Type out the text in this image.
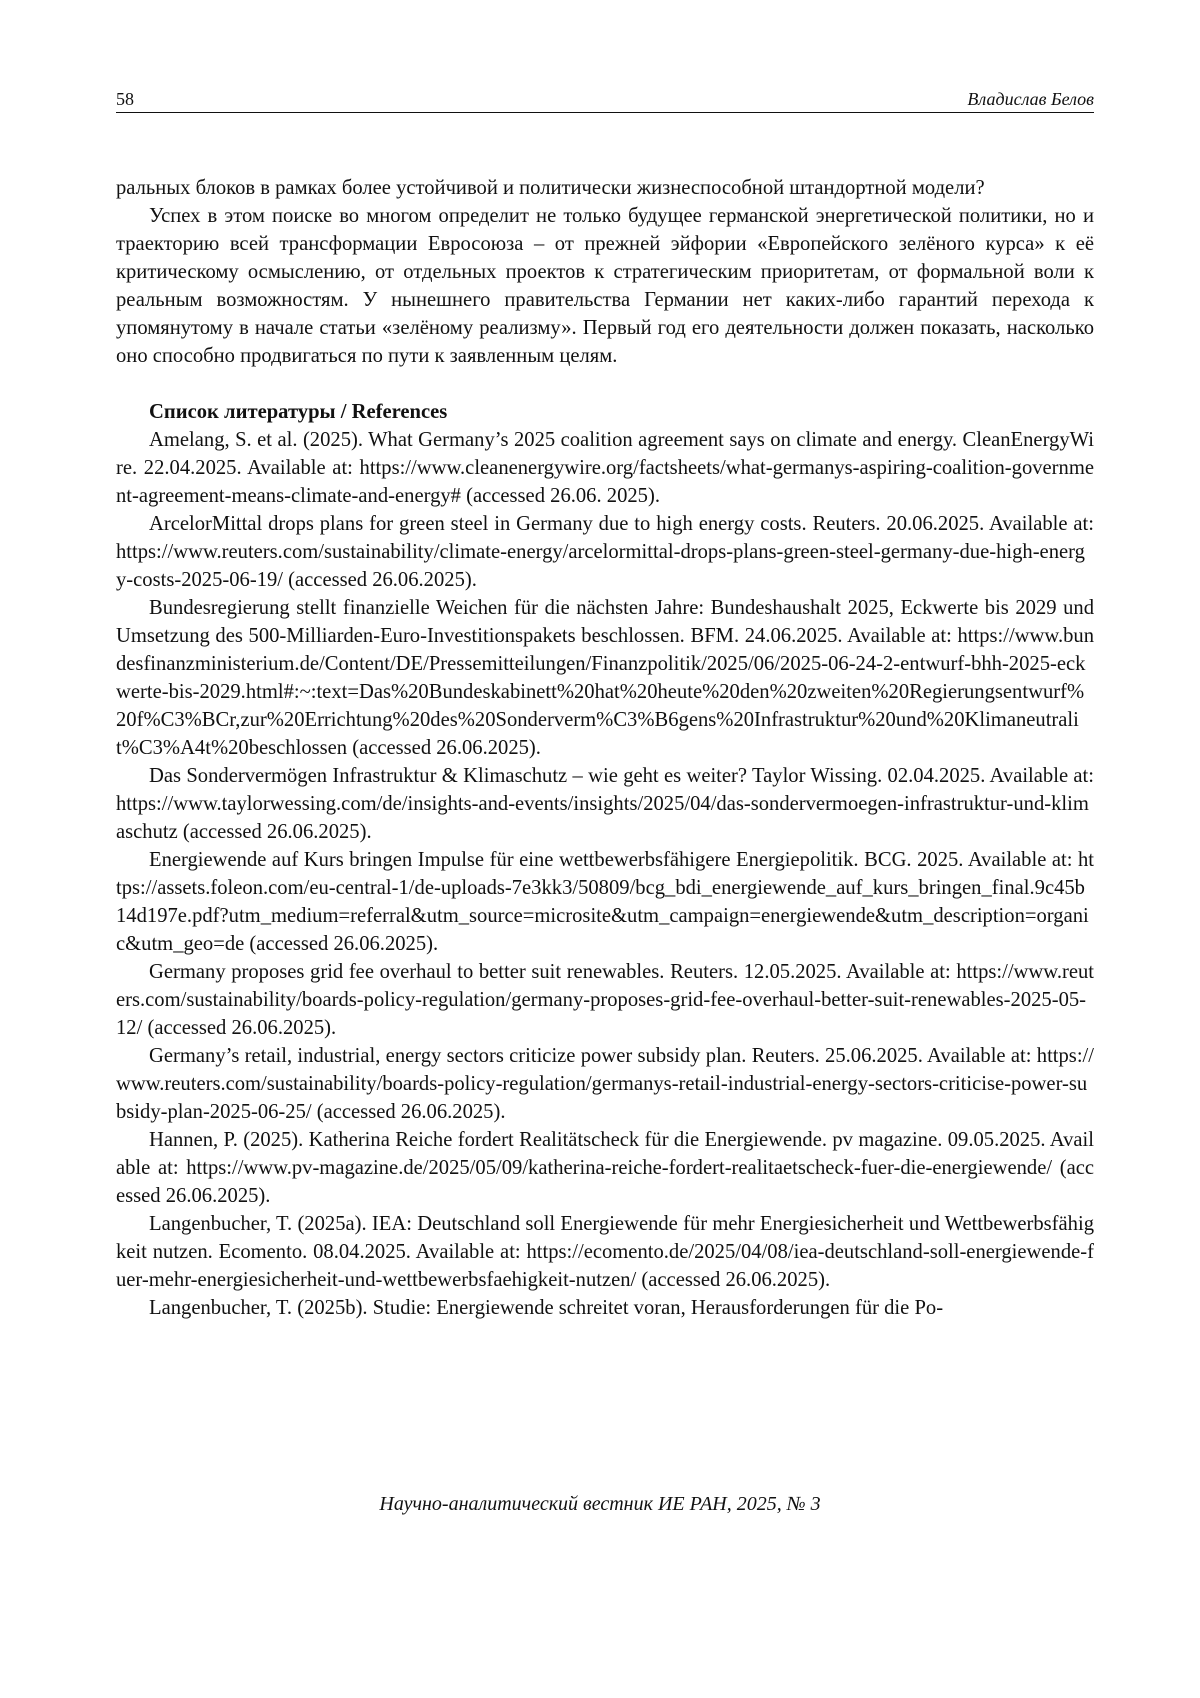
58	Владислав Белов

ральных блоков в рамках более устойчивой и политически жизнеспособной штандортной модели?

Успех в этом поиске во многом определит не только будущее германской энергетической политики, но и траекторию всей трансформации Евросоюза – от прежней эйфории «Европейского зелёного курса» к её критическому осмыслению, от отдельных проектов к стратегическим приоритетам, от формальной воли к реальным возможностям. У нынешнего правительства Германии нет каких-либо гарантий перехода к упомянутому в начале статьи «зелёному реализму». Первый год его деятельности должен показать, насколько оно способно продвигаться по пути к заявленным целям.

Список литературы / References

Amelang, S. et al. (2025). What Germany’s 2025 coalition agreement says on climate and energy. CleanEnergyWire. 22.04.2025. Available at: https://www.cleanenergywire.org/factsheets/what-germanys-aspiring-coalition-government-agreement-means-climate-and-energy# (accessed 26.06. 2025).

ArcelorMittal drops plans for green steel in Germany due to high energy costs. Reuters. 20.06.2025. Available at: https://www.reuters.com/sustainability/climate-energy/arcelormittal-drops-plans-green-steel-germany-due-high-energy-costs-2025-06-19/ (accessed 26.06.2025).

Bundesregierung stellt finanzielle Weichen für die nächsten Jahre: Bundeshaushalt 2025, Eckwerte bis 2029 und Umsetzung des 500-Milliarden-Euro-Investitionspakets beschlossen. BFM. 24.06.2025. Available at: https://www.bundesfinanzministerium.de/Content/DE/Pressemitteilungen/Finanzpolitik/2025/06/2025-06-24-2-entwurf-bhh-2025-eckwerte-bis-2029.html#:~:text=Das%20Bundeskabinett%20hat%20heute%20den%20zweiten%20Regierungsentwurf%20f%C3%BCr,zur%20Errichtung%20des%20Sonderverm%C3%B6gens%20Infrastruktur%20und%20Klimaneutralit%C3%A4t%20beschlossen (accessed 26.06.2025).

Das Sondervermögen Infrastruktur & Klimaschutz – wie geht es weiter? Taylor Wissing. 02.04.2025. Available at: https://www.taylorwessing.com/de/insights-and-events/insights/2025/04/das-sondervermoegen-infrastruktur-und-klimaschutz (accessed 26.06.2025).

Energiewende auf Kurs bringen Impulse für eine wettbewerbsfähigere Energiepolitik. BCG. 2025. Available at: https://assets.foleon.com/eu-central-1/de-uploads-7e3kk3/50809/bcg_bdi_energiewende_auf_kurs_bringen_final.9c45b14d197e.pdf?utm_medium=referral&utm_source=microsite&utm_campaign=energiewende&utm_description=organic&utm_geo=de (accessed 26.06.2025).

Germany proposes grid fee overhaul to better suit renewables. Reuters. 12.05.2025. Available at: https://www.reuters.com/sustainability/boards-policy-regulation/germany-proposes-grid-fee-overhaul-better-suit-renewables-2025-05-12/ (accessed 26.06.2025).

Germany’s retail, industrial, energy sectors criticize power subsidy plan. Reuters. 25.06.2025. Available at: https://www.reuters.com/sustainability/boards-policy-regulation/germanys-retail-industrial-energy-sectors-criticise-power-subsidy-plan-2025-06-25/ (accessed 26.06.2025).

Hannen, P. (2025). Katherina Reiche fordert Realitätscheck für die Energiewende. pv magazine. 09.05.2025. Available at: https://www.pv-magazine.de/2025/05/09/katherina-reiche-fordert-realitaetscheck-fuer-die-energiewende/ (accessed 26.06.2025).

Langenbucher, T. (2025a). IEA: Deutschland soll Energiewende für mehr Energiesicherheit und Wettbewerbsfähigkeit nutzen. Ecomento. 08.04.2025. Available at: https://ecomento.de/2025/04/08/iea-deutschland-soll-energiewende-fuer-mehr-energiesicherheit-und-wettbewerbsfaehigkeit-nutzen/ (accessed 26.06.2025).

Langenbucher, T. (2025b). Studie: Energiewende schreitet voran, Herausforderungen für die Po-

Научно-аналитический вестник ИЕ РАН, 2025, № 3
